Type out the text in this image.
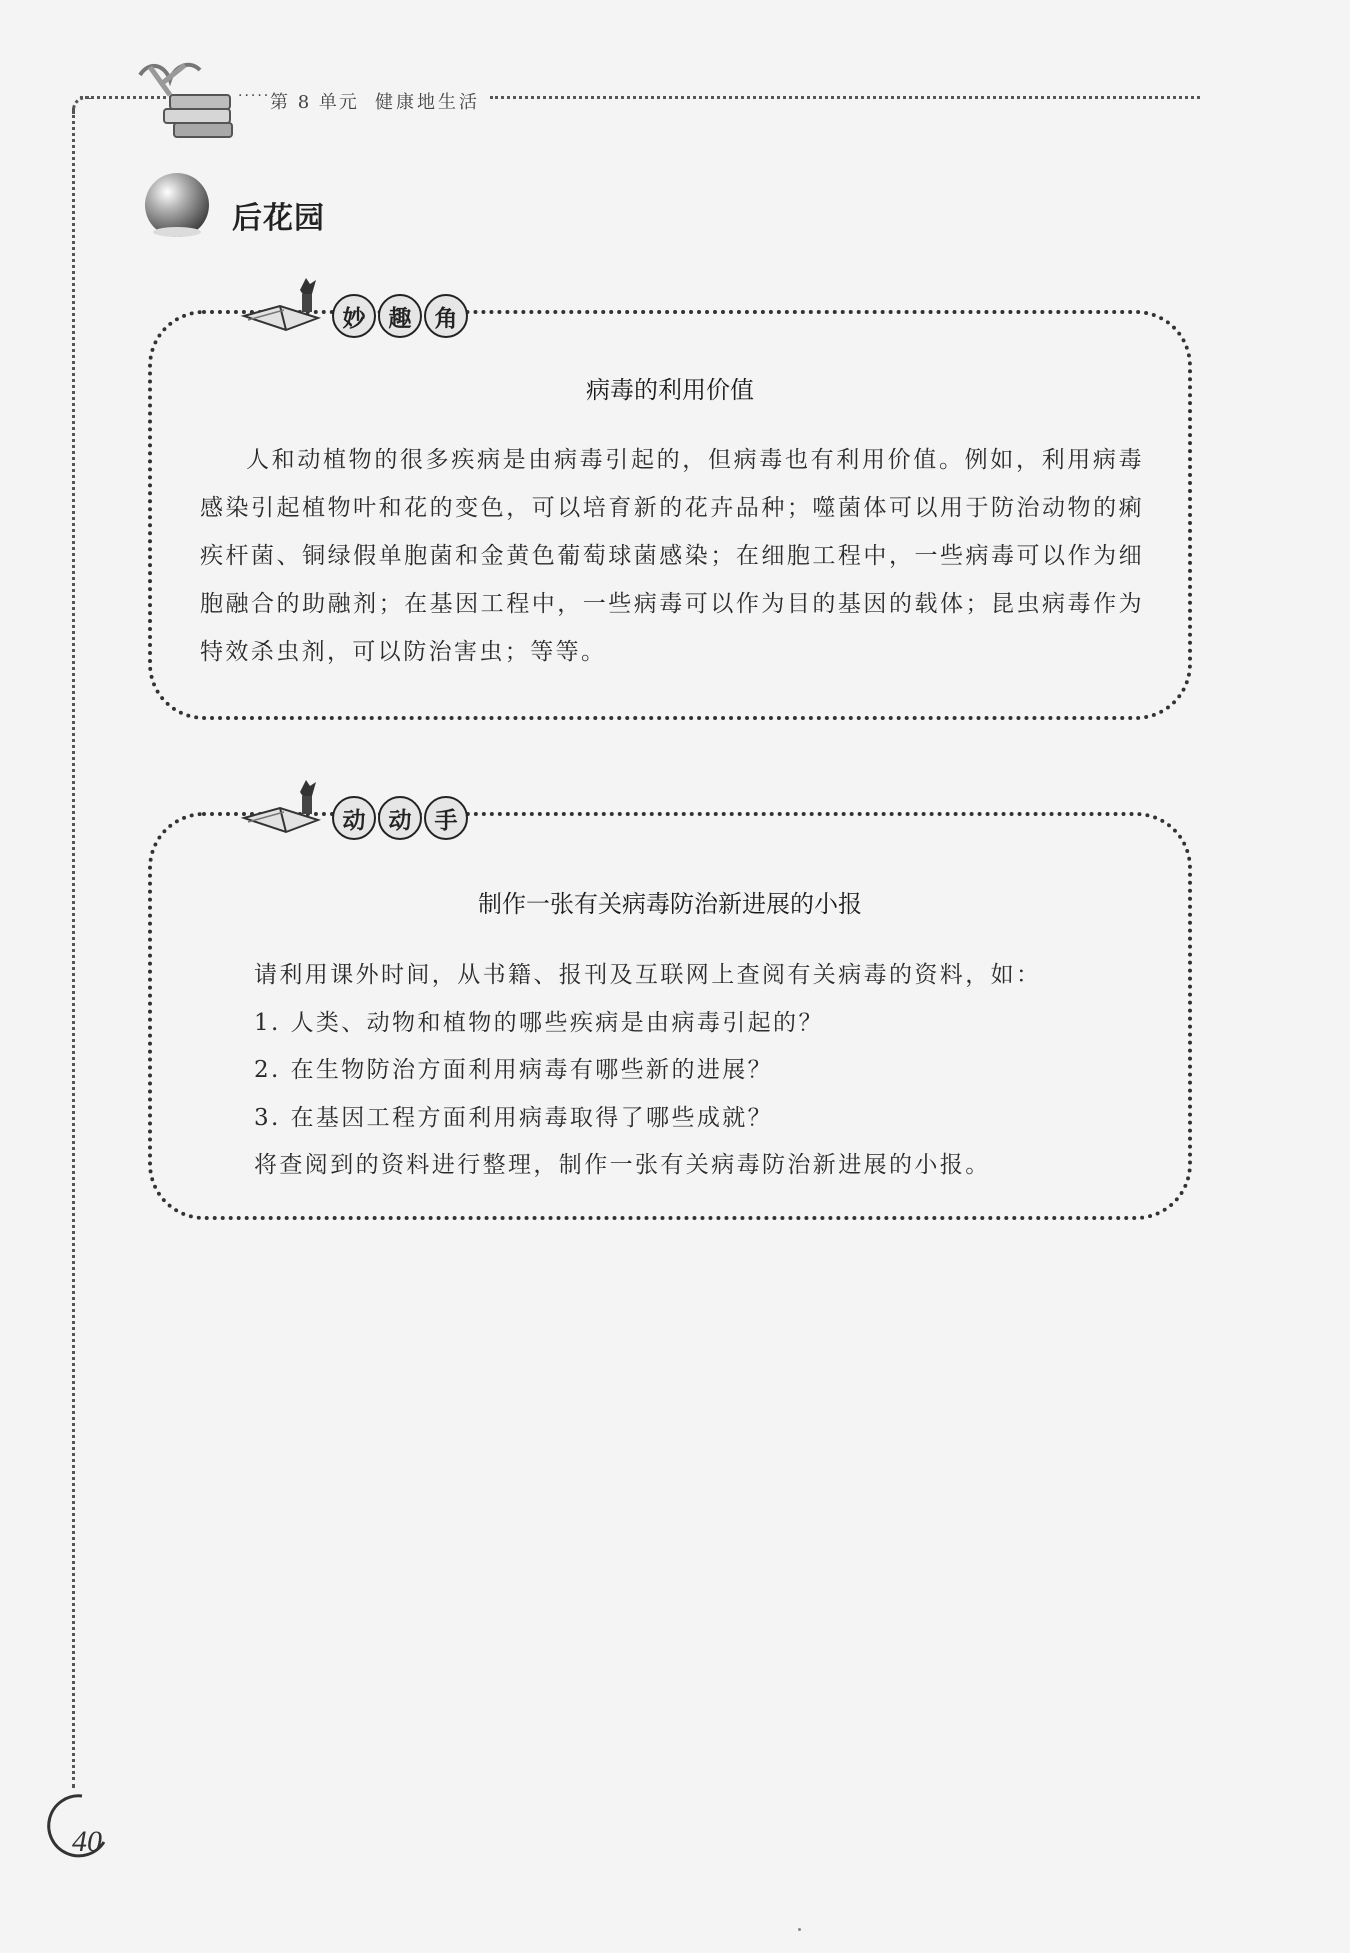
····· 第 8 单元 健康地生活
后花园
病毒的利用价值
人和动植物的很多疾病是由病毒引起的，但病毒也有利用价值。例如，利用病毒感染引起植物叶和花的变色，可以培育新的花卉品种；噬菌体可以用于防治动物的痢疾杆菌、铜绿假单胞菌和金黄色葡萄球菌感染；在细胞工程中，一些病毒可以作为细胞融合的助融剂；在基因工程中，一些病毒可以作为目的基因的载体；昆虫病毒作为特效杀虫剂，可以防治害虫；等等。
妙 趣 角
制作一张有关病毒防治新进展的小报
请利用课外时间，从书籍、报刊及互联网上查阅有关病毒的资料，如：
1. 人类、动物和植物的哪些疾病是由病毒引起的？
2. 在生物防治方面利用病毒有哪些新的进展？
3. 在基因工程方面利用病毒取得了哪些成就？
将查阅到的资料进行整理，制作一张有关病毒防治新进展的小报。
动 动 手
40
